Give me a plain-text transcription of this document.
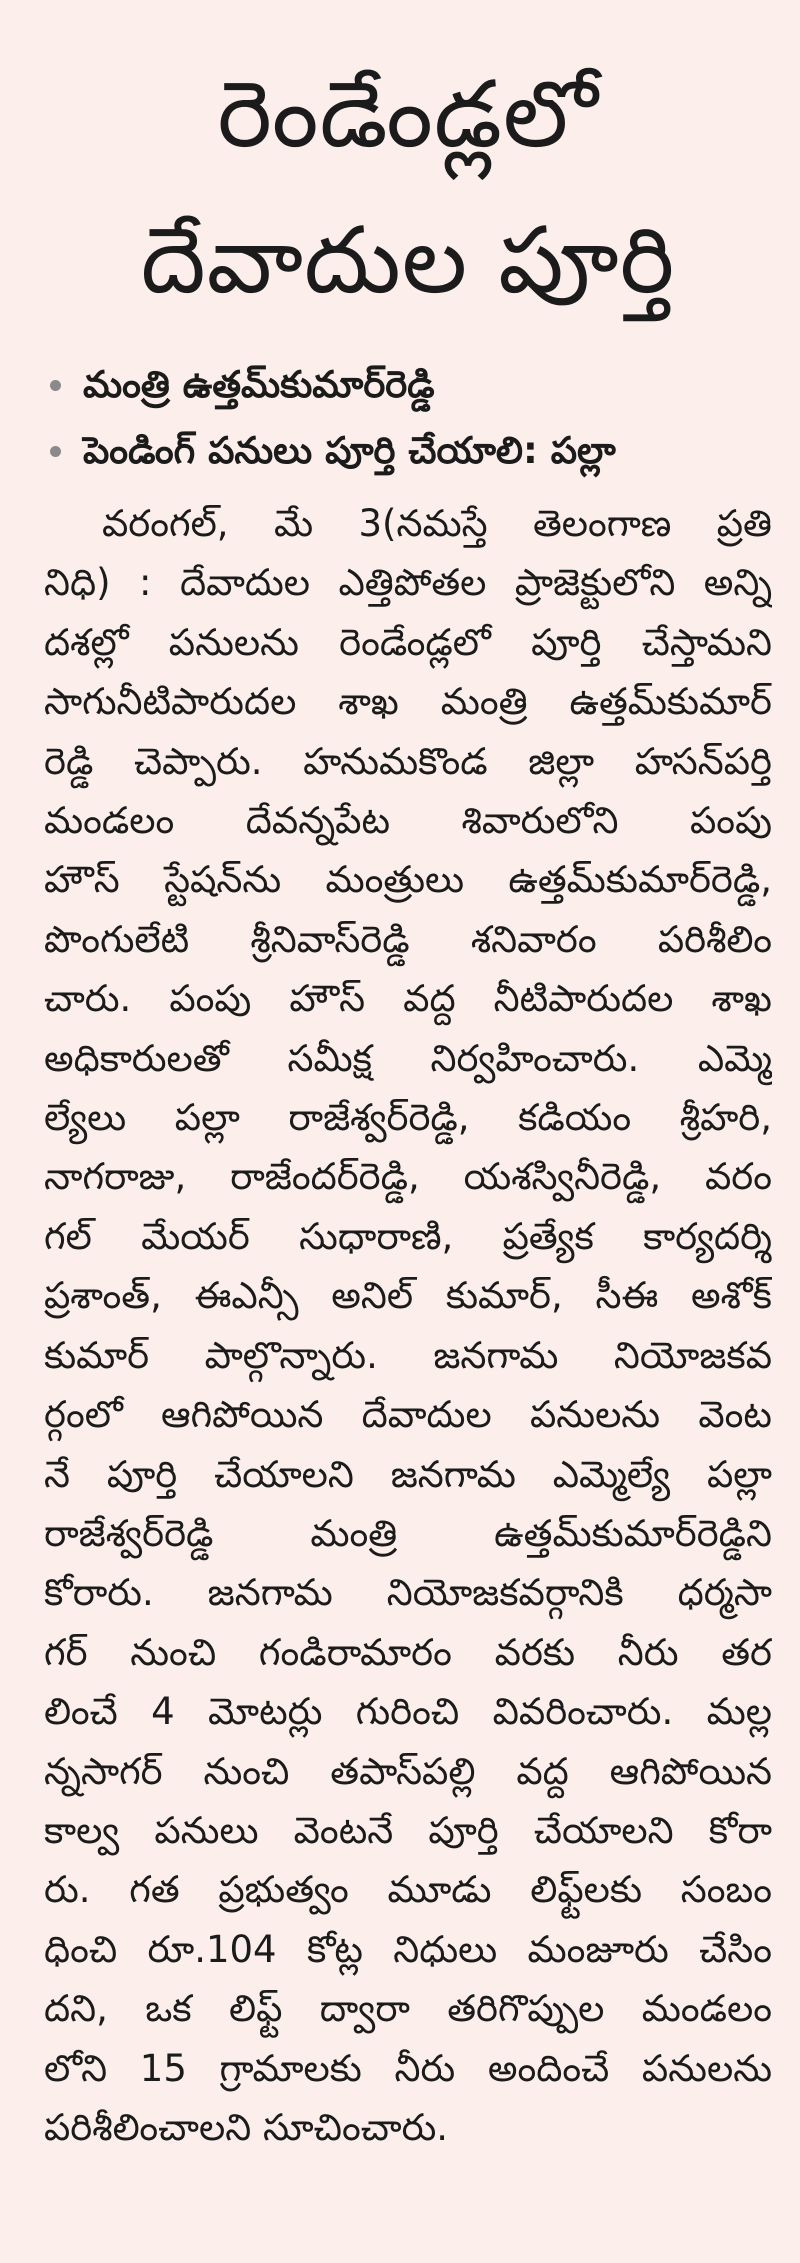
రెండేండ్లలో
దేవాదుల పూర్తి
మంత్రి ఉత్తమ్‌కుమార్‌రెడ్డి
పెండింగ్ పనులు పూర్తి చేయాలి: పల్లా
వరంగల్, మే 3(నమస్తే తెలంగాణ ప్రతి
నిధి) : దేవాదుల ఎత్తిపోతల ప్రాజెక్టులోని అన్ని
దశల్లో పనులను రెండేండ్లలో పూర్తి చేస్తామని
సాగునీటిపారుదల శాఖ మంత్రి ఉత్తమ్‌కుమార్
రెడ్డి చెప్పారు. హనుమకొండ జిల్లా హసన్‌పర్తి
మండలం దేవన్నపేట శివారులోని పంపు
హౌస్ స్టేషన్‌ను మంత్రులు ఉత్తమ్‌కుమార్‌రెడ్డి,
పొంగులేటి శ్రీనివాస్‌రెడ్డి శనివారం పరిశీలిం
చారు. పంపు హౌస్ వద్ద నీటిపారుదల శాఖ
అధికారులతో సమీక్ష నిర్వహించారు. ఎమ్మె
ల్యేలు పల్లా రాజేశ్వర్‌రెడ్డి, కడియం శ్రీహరి,
నాగరాజు, రాజేందర్‌రెడ్డి, యశస్వినీరెడ్డి, వరం
గల్ మేయర్ సుధారాణి, ప్రత్యేక కార్యదర్శి
ప్రశాంత్, ఈఎన్సీ అనిల్ కుమార్, సీఈ అశోక్
కుమార్ పాల్గొన్నారు. జనగామ నియోజకవ
ర్గంలో ఆగిపోయిన దేవాదుల పనులను వెంట
నే పూర్తి చేయాలని జనగామ ఎమ్మెల్యే పల్లా
రాజేశ్వర్‌రెడ్డి మంత్రి ఉత్తమ్‌కుమార్‌రెడ్డిని
కోరారు. జనగామ నియోజకవర్గానికి ధర్మసా
గర్ నుంచి గండిరామారం వరకు నీరు తర
లించే 4 మోటర్లు గురించి వివరించారు. మల్ల
న్నసాగర్ నుంచి తపాస్‌పల్లి వద్ద ఆగిపోయిన
కాల్వ పనులు వెంటనే పూర్తి చేయాలని కోరా
రు. గత ప్రభుత్వం మూడు లిఫ్ట్‌లకు సంబం
ధించి రూ.104 కోట్ల నిధులు మంజూరు చేసిం
దని, ఒక లిఫ్ట్ ద్వారా తరిగొప్పుల మండలం
లోని 15 గ్రామాలకు నీరు అందించే పనులను
పరిశీలించాలని సూచించారు.
